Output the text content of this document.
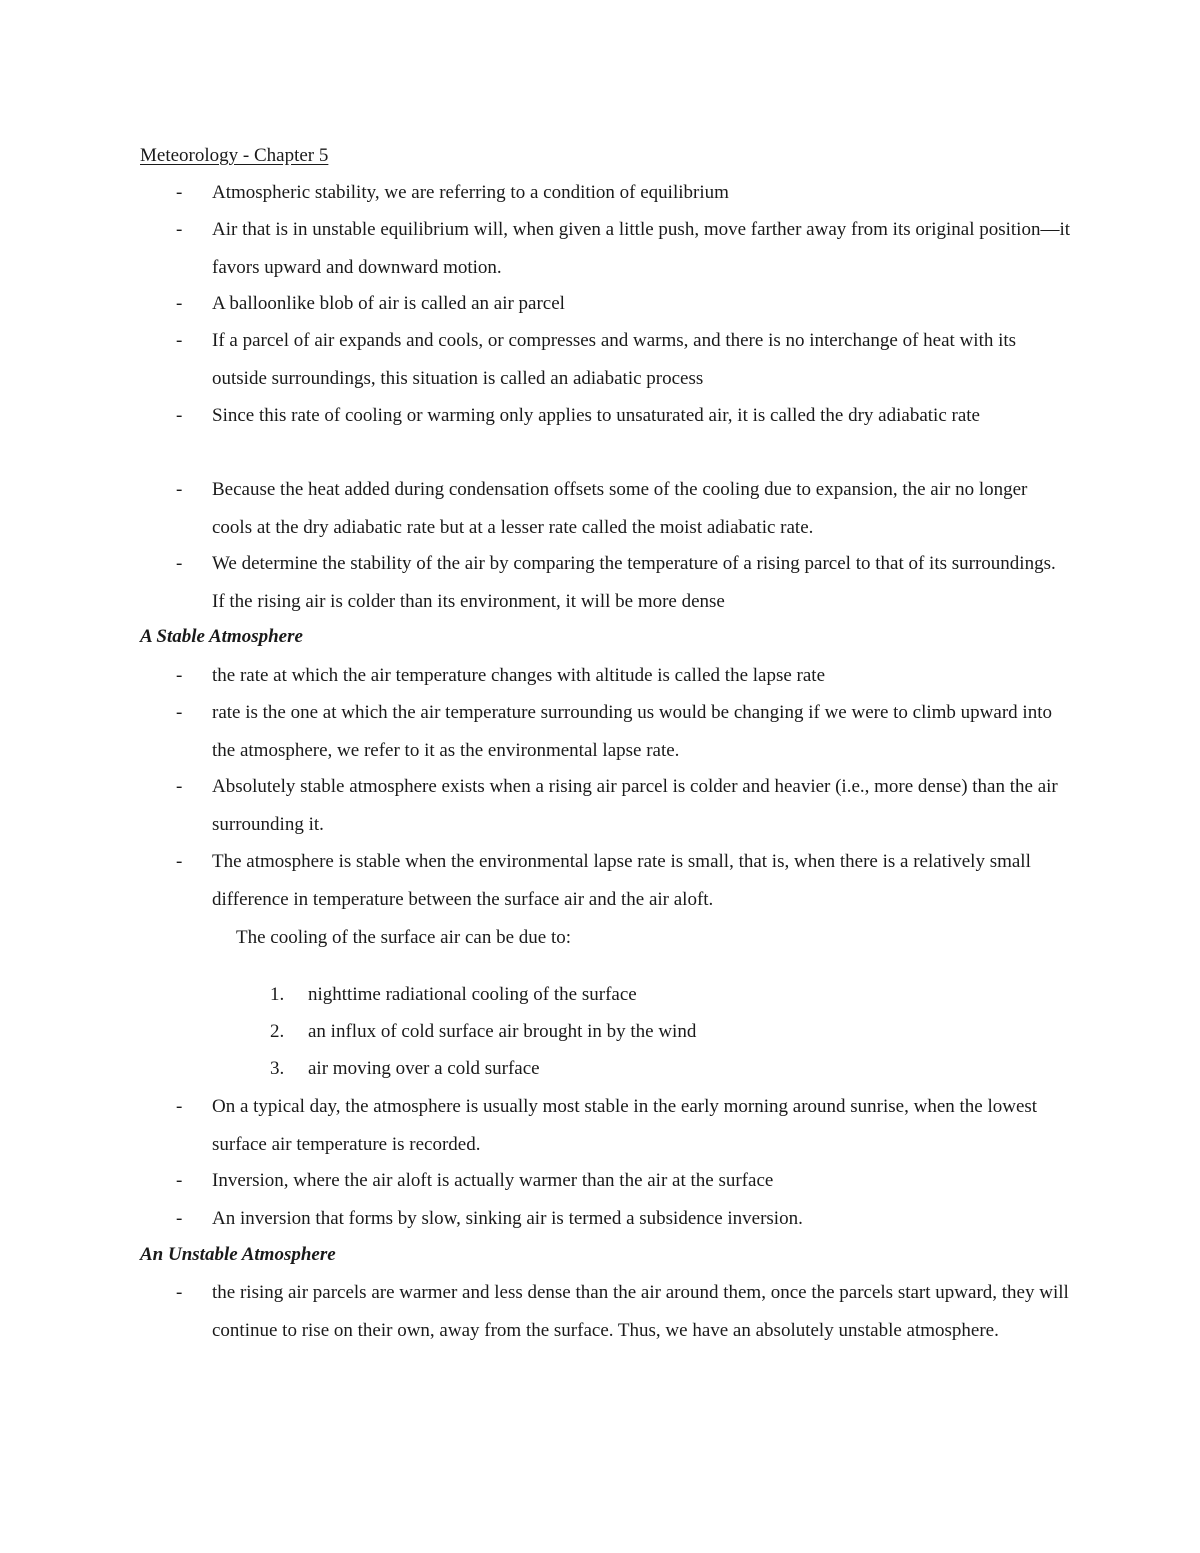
Meteorology - Chapter 5
- Atmospheric stability, we are referring to a condition of equilibrium
- Air that is in unstable equilibrium will, when given a little push, move farther away from its original position—it favors upward and downward motion.
- A balloonlike blob of air is called an air parcel
- If a parcel of air expands and cools, or compresses and warms, and there is no interchange of heat with its outside surroundings, this situation is called an adiabatic process
- Since this rate of cooling or warming only applies to unsaturated air, it is called the dry adiabatic rate
- Because the heat added during condensation offsets some of the cooling due to expansion, the air no longer cools at the dry adiabatic rate but at a lesser rate called the moist adiabatic rate.
- We determine the stability of the air by comparing the temperature of a rising parcel to that of its surroundings. If the rising air is colder than its environment, it will be more dense
A Stable Atmosphere
- the rate at which the air temperature changes with altitude is called the lapse rate
- rate is the one at which the air temperature surrounding us would be changing if we were to climb upward into the atmosphere, we refer to it as the environmental lapse rate.
- Absolutely stable atmosphere exists when a rising air parcel is colder and heavier (i.e., more dense) than the air surrounding it.
- The atmosphere is stable when the environmental lapse rate is small, that is, when there is a relatively small difference in temperature between the surface air and the air aloft.
The cooling of the surface air can be due to:
1. nighttime radiational cooling of the surface
2. an influx of cold surface air brought in by the wind
3. air moving over a cold surface
- On a typical day, the atmosphere is usually most stable in the early morning around sunrise, when the lowest surface air temperature is recorded.
- Inversion, where the air aloft is actually warmer than the air at the surface
- An inversion that forms by slow, sinking air is termed a subsidence inversion.
An Unstable Atmosphere
- the rising air parcels are warmer and less dense than the air around them, once the parcels start upward, they will continue to rise on their own, away from the surface. Thus, we have an absolutely unstable atmosphere.
